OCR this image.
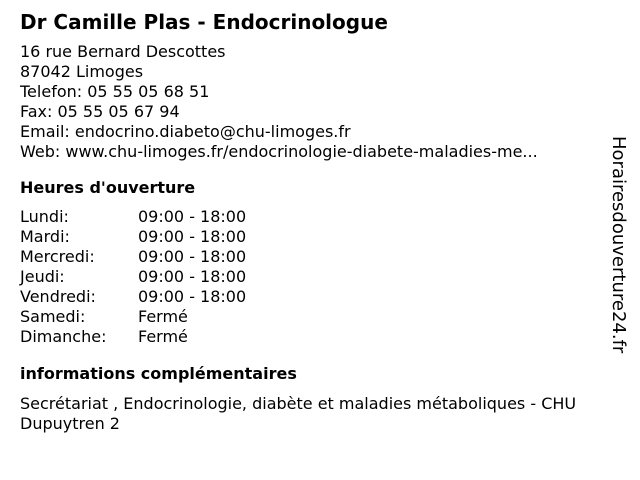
Dr Camille Plas - Endocrinologue
16 rue Bernard Descottes
87042 Limoges
Telefon: 05 55 05 68 51
Fax: 05 55 05 67 94
Email: endocrino.diabeto@chu-limoges.fr
Web: www.chu-limoges.fr/endocrinologie-diabete-maladies-me...
Heures d'ouverture
Lundi:	09:00 - 18:00
Mardi:	09:00 - 18:00
Mercredi:	09:00 - 18:00
Jeudi:	09:00 - 18:00
Vendredi:	09:00 - 18:00
Samedi:	Fermé
Dimanche:	Fermé
informations complémentaires
Secrétariat , Endocrinologie, diabète et maladies métaboliques - CHU Dupuytren 2
Horairesdouverture24.fr
